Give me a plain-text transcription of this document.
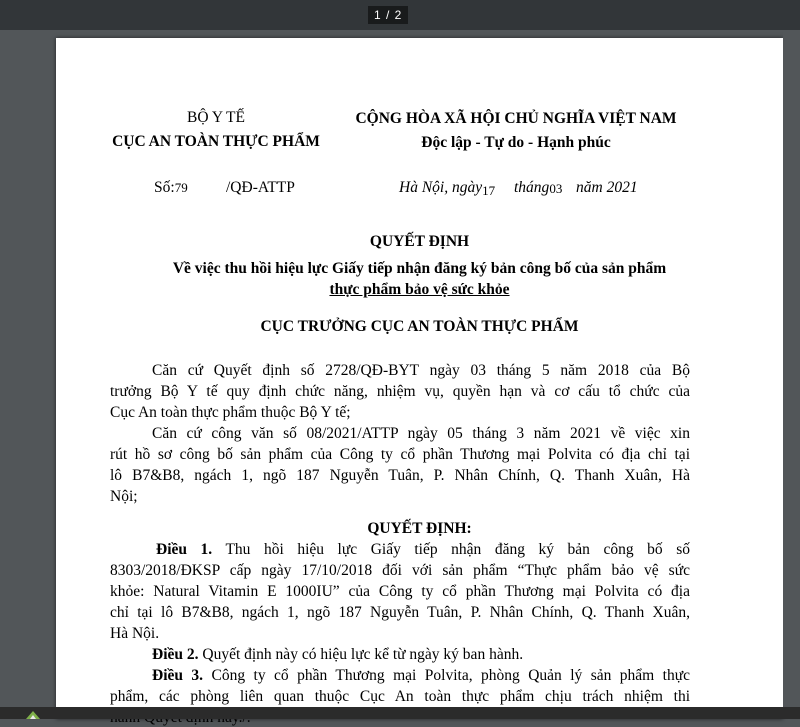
1 / 2
BỘ Y TẾ
CỤC AN TOÀN THỰC PHẨM
CỘNG HÒA XÃ HỘI CHỦ NGHĨA VIỆT NAM
Độc lập - Tự do - Hạnh phúc
Số:79 /QĐ-ATTP	Hà Nội, ngày17 tháng03 năm 2021
QUYẾT ĐỊNH
Về việc thu hồi hiệu lực Giấy tiếp nhận đăng ký bản công bố của sản phẩm
thực phẩm bảo vệ sức khỏe
CỤC TRƯỞNG CỤC AN TOÀN THỰC PHẨM
Căn cứ Quyết định số 2728/QĐ-BYT ngày 03 tháng 5 năm 2018 của Bộ
trưởng Bộ Y tế quy định chức năng, nhiệm vụ, quyền hạn và cơ cấu tổ chức của
Cục An toàn thực phẩm thuộc Bộ Y tế;
Căn cứ công văn số 08/2021/ATTP ngày 05 tháng 3 năm 2021 về việc xin
rút hồ sơ công bố sản phẩm của Công ty cổ phần Thương mại Polvita có địa chỉ tại
lô B7&B8, ngách 1, ngõ 187 Nguyễn Tuân, P. Nhân Chính, Q. Thanh Xuân, Hà
Nội;
QUYẾT ĐỊNH:
Điều 1. Thu hồi hiệu lực Giấy tiếp nhận đăng ký bản công bố số
8303/2018/ĐKSP cấp ngày 17/10/2018 đối với sản phẩm “Thực phẩm bảo vệ sức
khỏe: Natural Vitamin E 1000IU” của Công ty cổ phần Thương mại Polvita có địa
chỉ tại lô B7&B8, ngách 1, ngõ 187 Nguyễn Tuân, P. Nhân Chính, Q. Thanh Xuân,
Hà Nội.
Điều 2. Quyết định này có hiệu lực kể từ ngày ký ban hành.
Điều 3. Công ty cổ phần Thương mại Polvita, phòng Quản lý sản phẩm thực
phẩm, các phòng liên quan thuộc Cục An toàn thực phẩm chịu trách nhiệm thi
